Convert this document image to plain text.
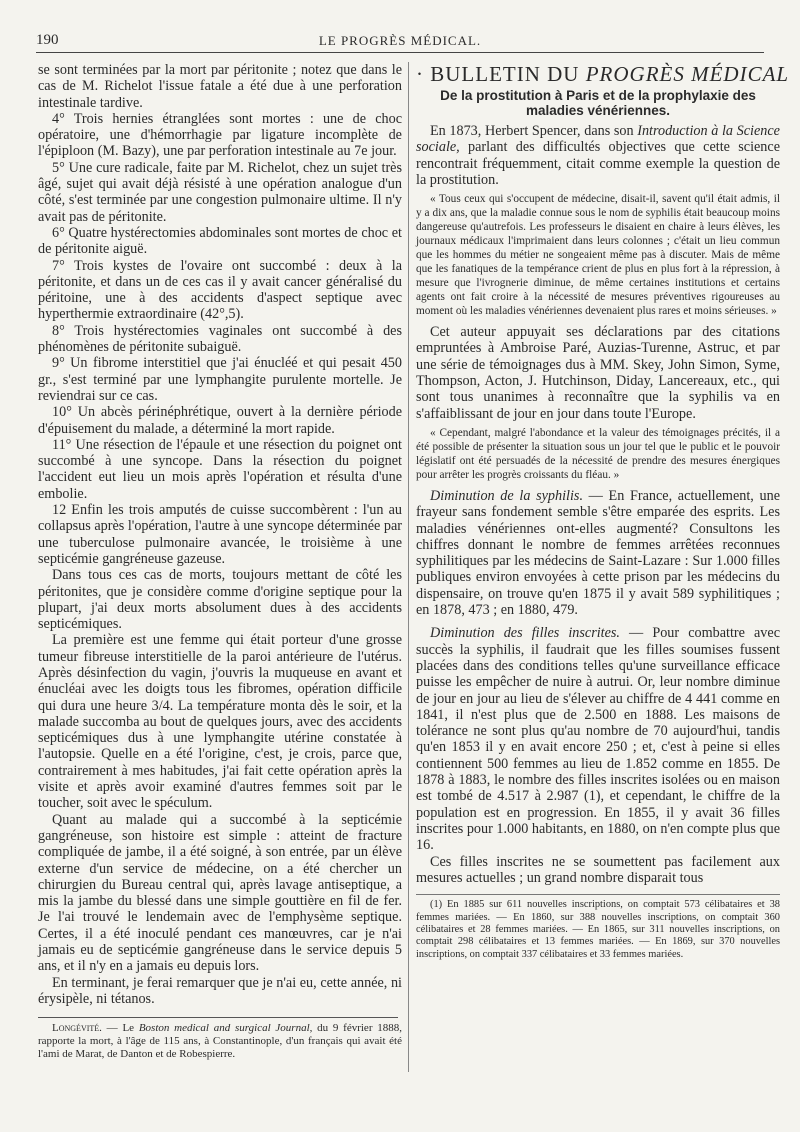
190	LE PROGRÈS MÉDICAL.

se sont terminées par la mort par péritonite ; notez que dans le cas de M. Richelot l'issue fatale a été due à une perforation intestinale tardive.

4° Trois hernies étranglées sont mortes : une de choc opératoire, une d'hémorrhagie par ligature incomplète de l'épiploon (M. Bazy), une par perforation intestinale au 7e jour.

5° Une cure radicale, faite par M. Richelot, chez un sujet très âgé, sujet qui avait déjà résisté à une opération analogue d'un côté, s'est terminée par une congestion pulmonaire ultime. Il n'y avait pas de péritonite.

6° Quatre hystérectomies abdominales sont mortes de choc et de péritonite aiguë.

7° Trois kystes de l'ovaire ont succombé : deux à la péritonite, et dans un de ces cas il y avait cancer généralisé du péritoine, une à des accidents d'aspect septique avec hyperthermie extraordinaire (42°,5).

8° Trois hystérectomies vaginales ont succombé à des phénomènes de péritonite subaiguë.

9° Un fibrome interstitiel que j'ai énucléé et qui pesait 450 gr., s'est terminé par une lymphangite purulente mortelle. Je reviendrai sur ce cas.

10° Un abcès périnéphrétique, ouvert à la dernière période d'épuisement du malade, a déterminé la mort rapide.

11° Une résection de l'épaule et une résection du poignet ont succombé à une syncope. Dans la résection du poignet l'accident eut lieu un mois après l'opération et résulta d'une embolie.

12 Enfin les trois amputés de cuisse succombèrent : l'un au collapsus après l'opération, l'autre à une syncope déterminée par une tuberculose pulmonaire avancée, le troisième à une septicémie gangréneuse gazeuse.

Dans tous ces cas de morts, toujours mettant de côté les péritonites, que je considère comme d'origine septique pour la plupart, j'ai deux morts absolument dues à des accidents septicémiques.

La première est une femme qui était porteur d'une grosse tumeur fibreuse interstitielle de la paroi antérieure de l'utérus. Après désinfection du vagin, j'ouvris la muqueuse en avant et énucléai avec les doigts tous les fibromes, opération difficile qui dura une heure 3/4. La température monta dès le soir, et la malade succomba au bout de quelques jours, avec des accidents septicémiques dus à une lymphangite utérine constatée à l'autopsie. Quelle en a été l'origine, c'est, je crois, parce que, contrairement à mes habitudes, j'ai fait cette opération après la visite et après avoir examiné d'autres femmes soit par le toucher, soit avec le spéculum.

Quant au malade qui a succombé à la septicémie gangréneuse, son histoire est simple : atteint de fracture compliquée de jambe, il a été soigné, à son entrée, par un élève externe d'un service de médecine, on a été chercher un chirurgien du Bureau central qui, après lavage antiseptique, a mis la jambe du blessé dans une simple gouttière en fil de fer. Je l'ai trouvé le lendemain avec de l'emphysème septique. Certes, il a été inoculé pendant ces manœuvres, car je n'ai jamais eu de septicémie gangréneuse dans le service depuis 5 ans, et il n'y en a jamais eu depuis lors.

En terminant, je ferai remarquer que je n'ai eu, cette année, ni érysipèle, ni tétanos.

Longévité. — Le Boston medical and surgical Journal, du 9 février 1888, rapporte la mort, à l'âge de 115 ans, à Constantinople, d'un français qui avait été l'ami de Marat, de Danton et de Robespierre.

· BULLETIN DU PROGRÈS MÉDICAL
De la prostitution à Paris et de la prophylaxie des maladies vénériennes.

En 1873, Herbert Spencer, dans son Introduction à la Science sociale, parlant des difficultés objectives que cette science rencontrait fréquemment, citait comme exemple la question de la prostitution.

« Tous ceux qui s'occupent de médecine, disait-il, savent qu'il était admis, il y a dix ans, que la maladie connue sous le nom de syphilis était beaucoup moins dangereuse qu'autrefois. Les professeurs le disaient en chaire à leurs élèves, les journaux médicaux l'imprimaient dans leurs colonnes ; c'était un lieu commun que les hommes du métier ne songeaient même pas à discuter. Mais de même que les fanatiques de la tempérance crient de plus en plus fort à la répression, à mesure que l'ivrognerie diminue, de même certaines institutions et certains agents ont fait croire à la nécessité de mesures préventives rigoureuses au moment où les maladies vénériennes devenaient plus rares et moins sérieuses. »

Cet auteur appuyait ses déclarations par des citations empruntées à Ambroise Paré, Auzias-Turenne, Astruc, et par une série de témoignages dus à MM. Skey, John Simon, Syme, Thompson, Acton, J. Hutchinson, Diday, Lancereaux, etc., qui sont tous unanimes à reconnaître que la syphilis va en s'affaiblissant de jour en jour dans toute l'Europe.

« Cependant, malgré l'abondance et la valeur des témoignages précités, il a été possible de présenter la situation sous un jour tel que le public et le pouvoir législatif ont été persuadés de la nécessité de prendre des mesures énergiques pour arrêter les progrès croissants du fléau. »

Diminution de la syphilis. — En France, actuellement, une frayeur sans fondement semble s'être emparée des esprits. Les maladies vénériennes ont-elles augmenté? Consultons les chiffres donnant le nombre de femmes arrêtées reconnues syphilitiques par les médecins de Saint-Lazare : Sur 1.000 filles publiques environ envoyées à cette prison par les médecins du dispensaire, on trouve qu'en 1875 il y avait 589 syphilitiques ; en 1878, 473 ; en 1880, 479.

Diminution des filles inscrites. — Pour combattre avec succès la syphilis, il faudrait que les filles soumises fussent placées dans des conditions telles qu'une surveillance efficace puisse les empêcher de nuire à autrui. Or, leur nombre diminue de jour en jour au lieu de s'élever au chiffre de 4 441 comme en 1841, il n'est plus que de 2.500 en 1888. Les maisons de tolérance ne sont plus qu'au nombre de 70 aujourd'hui, tandis qu'en 1853 il y en avait encore 250 ; et, c'est à peine si elles contiennent 500 femmes au lieu de 1.852 comme en 1855. De 1878 à 1883, le nombre des filles inscrites isolées ou en maison est tombé de 4.517 à 2.987 (1), et cependant, le chiffre de la population est en progression. En 1855, il y avait 36 filles inscrites pour 1.000 habitants, en 1880, on n'en compte plus que 16.

Ces filles inscrites ne se soumettent pas facilement aux mesures actuelles ; un grand nombre disparait tous

(1) En 1885 sur 611 nouvelles inscriptions, on comptait 573 célibataires et 38 femmes mariées. — En 1860, sur 388 nouvelles inscriptions, on comptait 360 célibataires et 28 femmes mariées. — En 1865, sur 311 nouvelles inscriptions, on comptait 298 célibataires et 13 femmes mariées. — En 1869, sur 370 nouvelles inscriptions, on comptait 337 célibataires et 33 femmes mariées.
